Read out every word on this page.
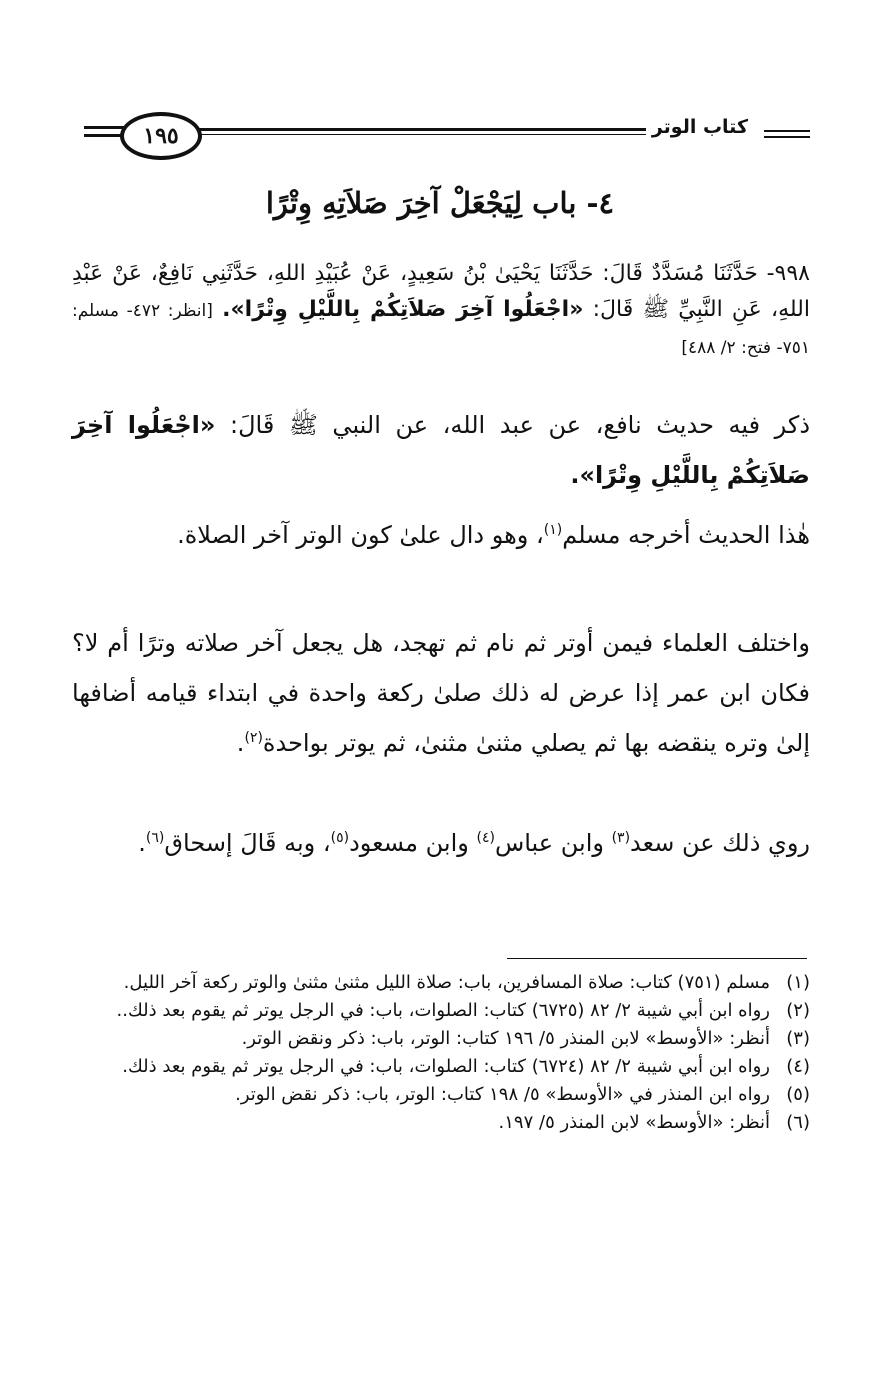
١٩٥	كتاب الوتر
٤- باب لِيَجْعَلْ آخِرَ صَلاَتِهِ وِتْرًا
٩٩٨- حَدَّثَنَا مُسَدَّدٌ قَالَ: حَدَّثَنَا يَحْيَىٰ بْنُ سَعِيدٍ، عَنْ عُبَيْدِ اللهِ، حَدَّثَنِي نَافِعٌ، عَنْ عَبْدِ اللهِ، عَنِ النَّبِيِّ ﷺ قَالَ: «اجْعَلُوا آخِرَ صَلاَتِكُمْ بِاللَّيْلِ وِتْرًا». [انظر: ٤٧٢- مسلم: ٧٥١- فتح: ٢/ ٤٨٨]
ذكر فيه حديث نافع، عن عبد الله، عن النبي ﷺ قَالَ: «اجْعَلُوا آخِرَ صَلاَتِكُمْ بِاللَّيْلِ وِتْرًا».
هٰذا الحديث أخرجه مسلم$^{(١)}$، وهو دال علىٰ كون الوتر آخر الصلاة.
واختلف العلماء فيمن أوتر ثم نام ثم تهجد، هل يجعل آخر صلاته وترًا أم لا؟ فكان ابن عمر إذا عرض له ذلك صلىٰ ركعة واحدة في ابتداء قيامه أضافها إلىٰ وتره ينقضه بها ثم يصلي مثنىٰ مثنىٰ، ثم يوتر بواحدة$^{(٢)}$.
روي ذلك عن سعد$^{(٣)}$ وابن عباس$^{(٤)}$ وابن مسعود$^{(٥)}$، وبه قَالَ إسحاق$^{(٦)}$.
(١)
مسلم (٧٥١) كتاب: صلاة المسافرين، باب: صلاة الليل مثنىٰ مثنىٰ والوتر ركعة آخر الليل.
(٢)
رواه ابن أبي شيبة ٢/ ٨٢ (٦٧٢٥) كتاب: الصلوات، باب: في الرجل يوتر ثم يقوم بعد ذلك..
(٣)
أنظر: «الأوسط» لابن المنذر ٥/ ١٩٦ كتاب: الوتر، باب: ذكر ونقض الوتر.
(٤)
رواه ابن أبي شيبة ٢/ ٨٢ (٦٧٢٤) كتاب: الصلوات، باب: في الرجل يوتر ثم يقوم بعد ذلك.
(٥)
رواه ابن المنذر في «الأوسط» ٥/ ١٩٨ كتاب: الوتر، باب: ذكر نقض الوتر.
(٦)
أنظر: «الأوسط» لابن المنذر ٥/ ١٩٧.
